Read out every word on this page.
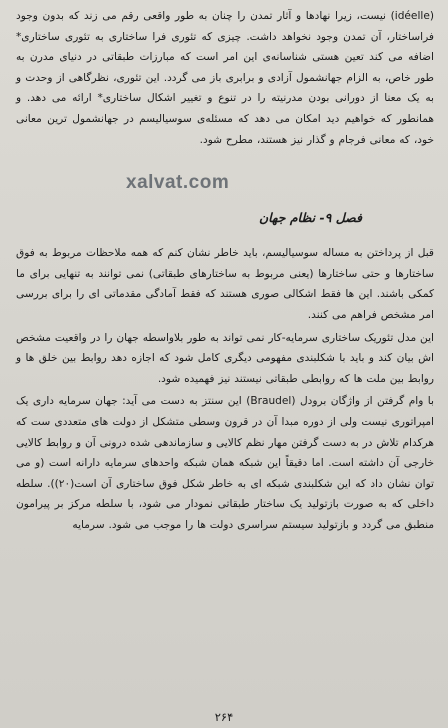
(idéelle) نیست، زیرا نهادها و آثار تمدن را چنان به طور واقعی رقم می زند که بدون وجود فراساختار، آن تمدن وجود نخواهد داشت. چیزی که تئوری فرا ساختاری به تئوری ساختاری* اضافه می کند تعین هستی شناسانه‌ی این امر است که مبارزات طبقاتی در دنیای مدرن به طور خاص، به الزام جهانشمول آزادی و برابری باز می گردد. این تئوری، نظرگاهی از وحدت و به یک معنا از دورانی بودن مدرنیته را در تنوع و تغییر اشکال ساختاری* ارائه می دهد. و همانطور که خواهیم دید امکان می دهد که مسئله‌ی سوسیالیسم در جهانشمول ترین معانی خود، که معانی فرجام و گذار نیز هستند، مطرح شود.

xalvat.com
فصل ۹- نظام جهان

قبل از پرداختن به مساله سوسیالیسم، باید خاطر نشان کنم که همه ملاحظات مربوط به فوق ساختارها و حتی ساختارها (یعنی مربوط به ساختارهای طبقاتی) نمی توانند به تنهایی برای ما کمکی باشند. این ها فقط اشکالی صوری هستند که فقط آمادگی مقدماتی ای را برای بررسی امر مشخص فراهم می کنند.

این مدل تئوریک ساختاری سرمایه-کار نمی تواند به طور بلاواسطه جهان را در واقعیت مشخص اش بیان کند و باید با شکلبندی مفهومی دیگری کامل شود که اجازه دهد روابط بین خلق ها و روابط بین ملت ها که روابطی طبقاتی نیستند نیز فهمیده شود.

با وام گرفتن از واژگان برودل (Braudel) این سنتز به دست می آید: جهان سرمایه داری یک امپراتوری نیست ولی از دوره مبدا آن در قرون وسطی متشکل از دولت های متعددی ست که هرکدام تلاش در به دست گرفتن مهار نظم کالایی و سازماندهی شده درونی آن و روابط کالایی خارجی آن داشته است. اما دقیقاً این شبکه همان شبکه واحدهای سرمایه دارانه است (و می توان نشان داد که این شکلبندی شبکه ای به خاطر شکل فوق ساختاری آن است(۲۰)). سلطه داخلی که به صورت بازتولید یک ساختار طبقاتی نمودار می شود، با سلطه مرکز بر پیرامون منطبق می گردد و بازتولید سیستم سراسری دولت ها را موجب می شود. سرمایه

۲۶۴
